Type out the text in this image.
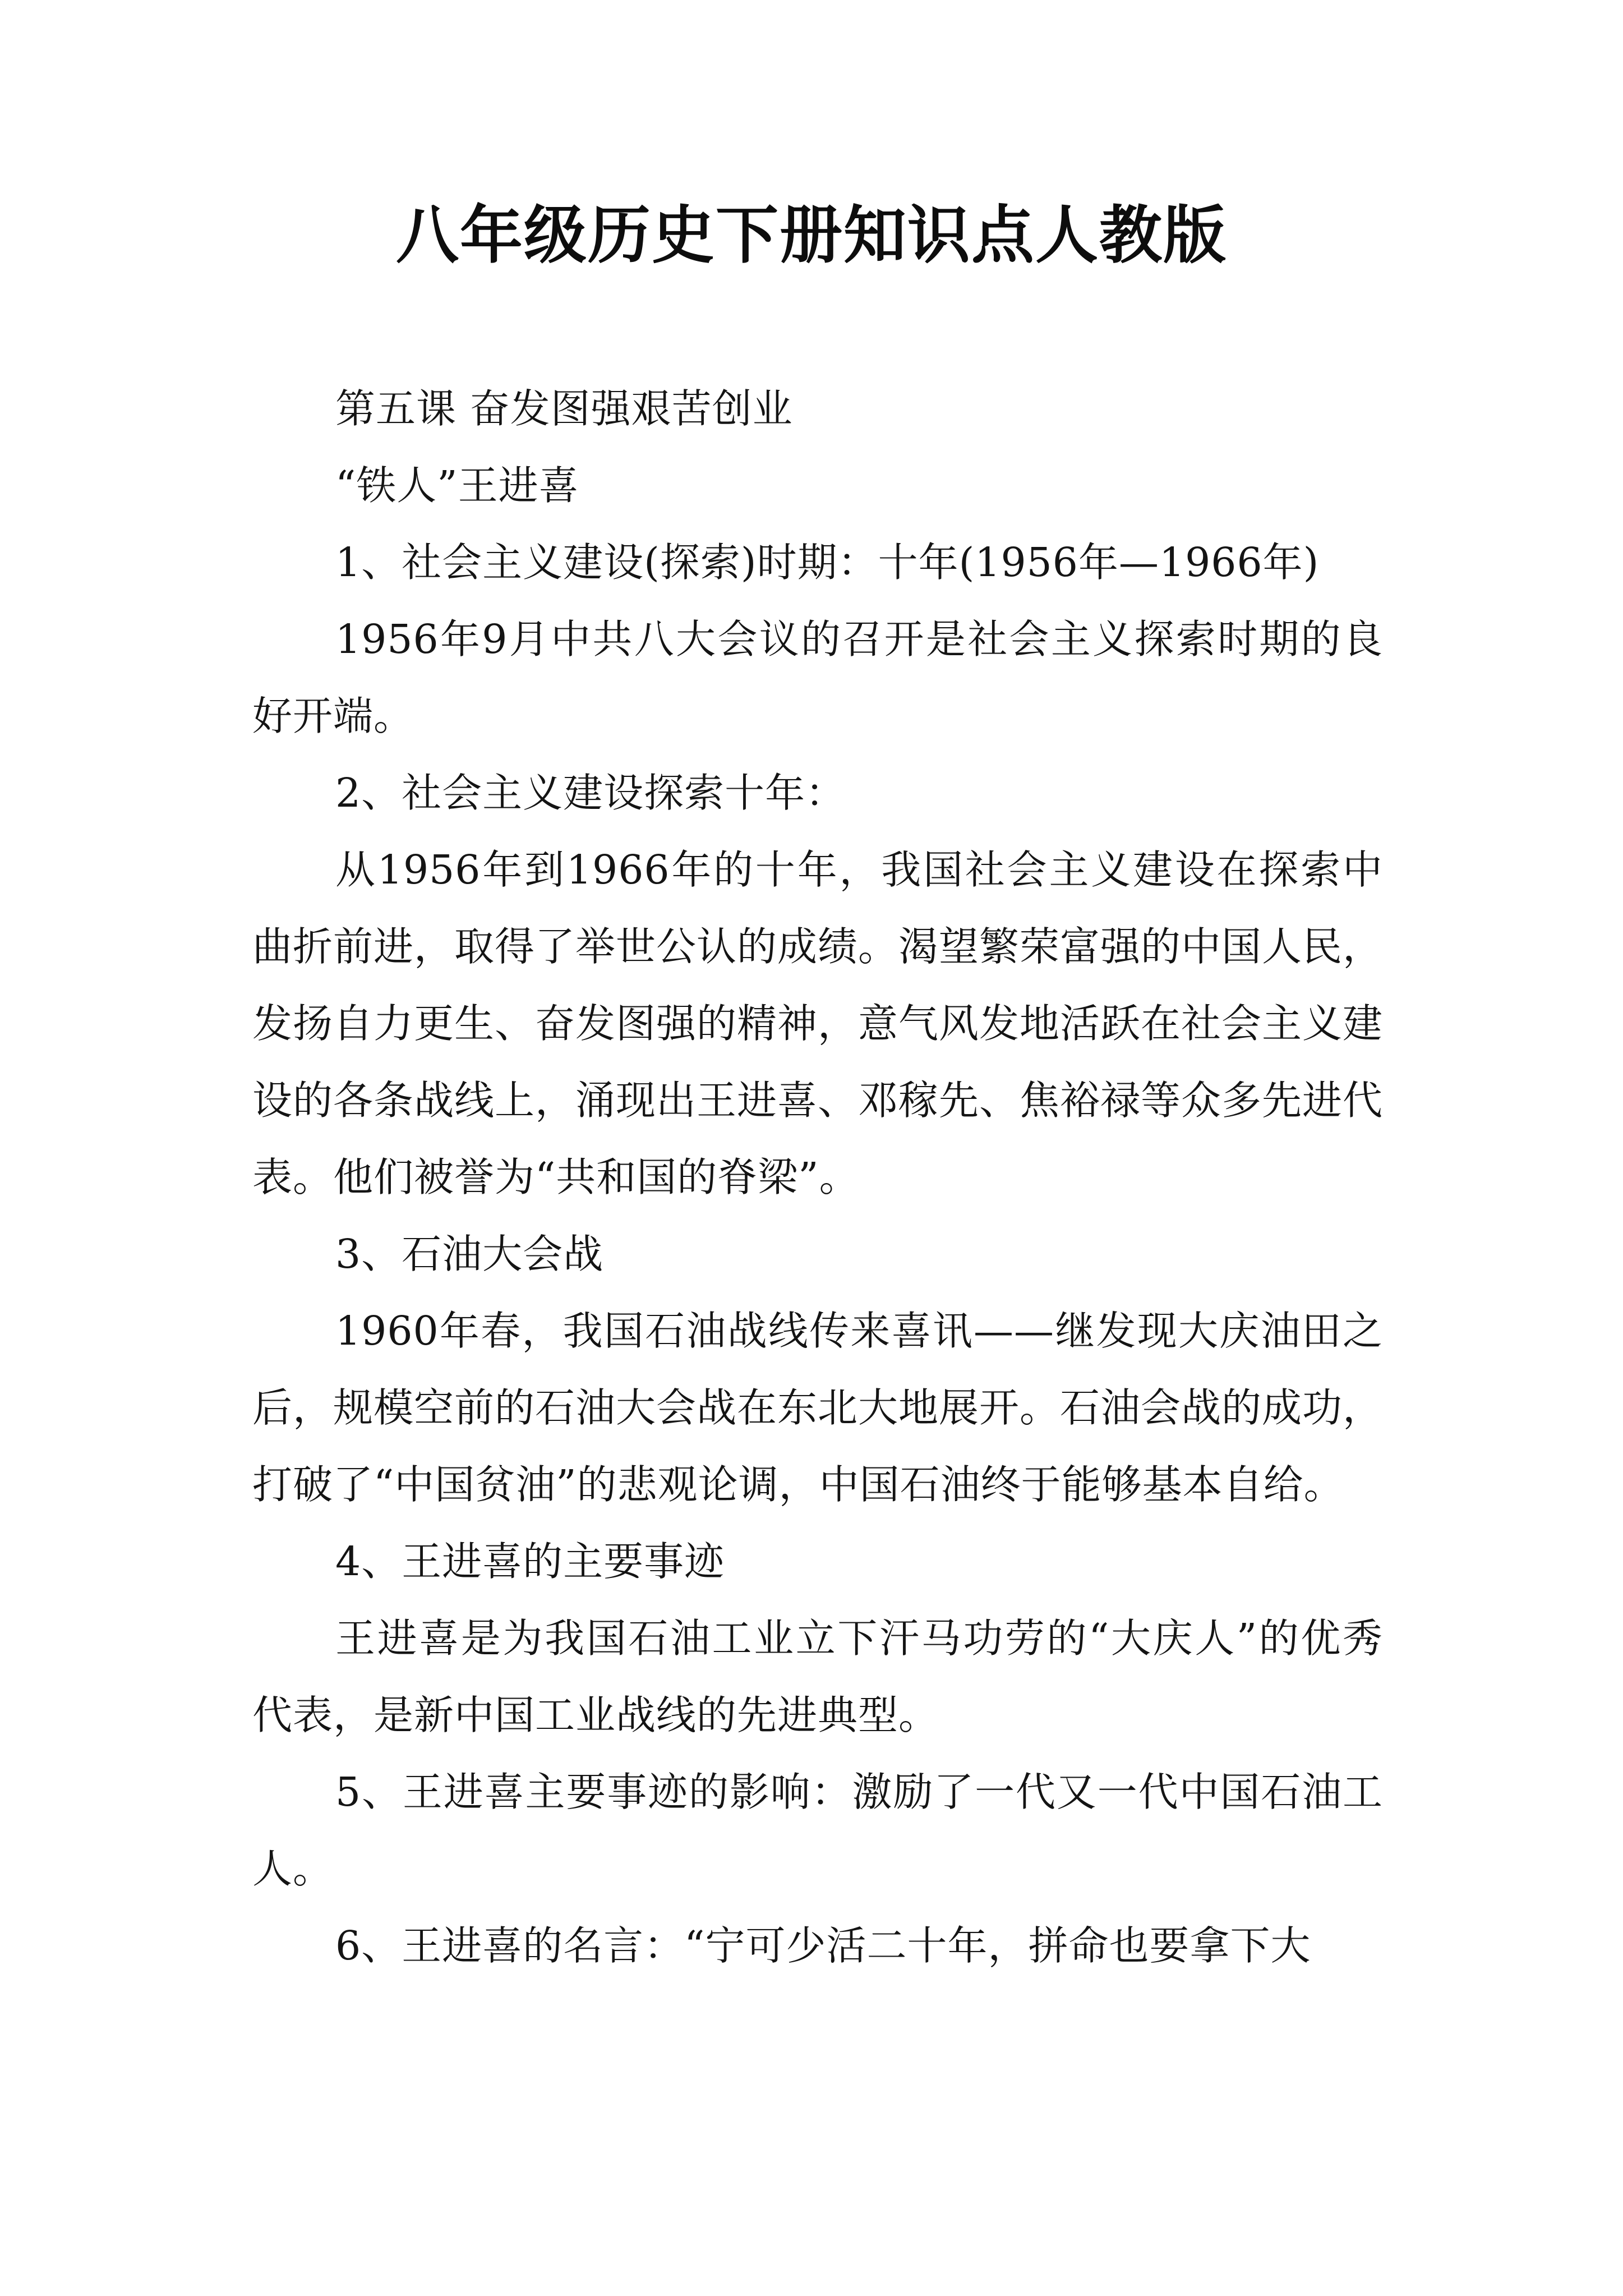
八年级历史下册知识点人教版

第五课 奋发图强艰苦创业

“铁人”王进喜

1、社会主义建设(探索)时期：十年(1956年—1966年)

1956年9月中共八大会议的召开是社会主义探索时期的良好开端。

2、社会主义建设探索十年：

从1956年到1966年的十年，我国社会主义建设在探索中曲折前进，取得了举世公认的成绩。渴望繁荣富强的中国人民，发扬自力更生、奋发图强的精神，意气风发地活跃在社会主义建设的各条战线上，涌现出王进喜、邓稼先、焦裕禄等众多先进代表。他们被誉为“共和国的脊梁”。

3、石油大会战

1960年春，我国石油战线传来喜讯——继发现大庆油田之后，规模空前的石油大会战在东北大地展开。石油会战的成功，打破了“中国贫油”的悲观论调，中国石油终于能够基本自给。

4、王进喜的主要事迹

王进喜是为我国石油工业立下汗马功劳的“大庆人”的优秀代表，是新中国工业战线的先进典型。

5、王进喜主要事迹的影响：激励了一代又一代中国石油工人。

6、王进喜的名言：“宁可少活二十年，拼命也要拿下大
